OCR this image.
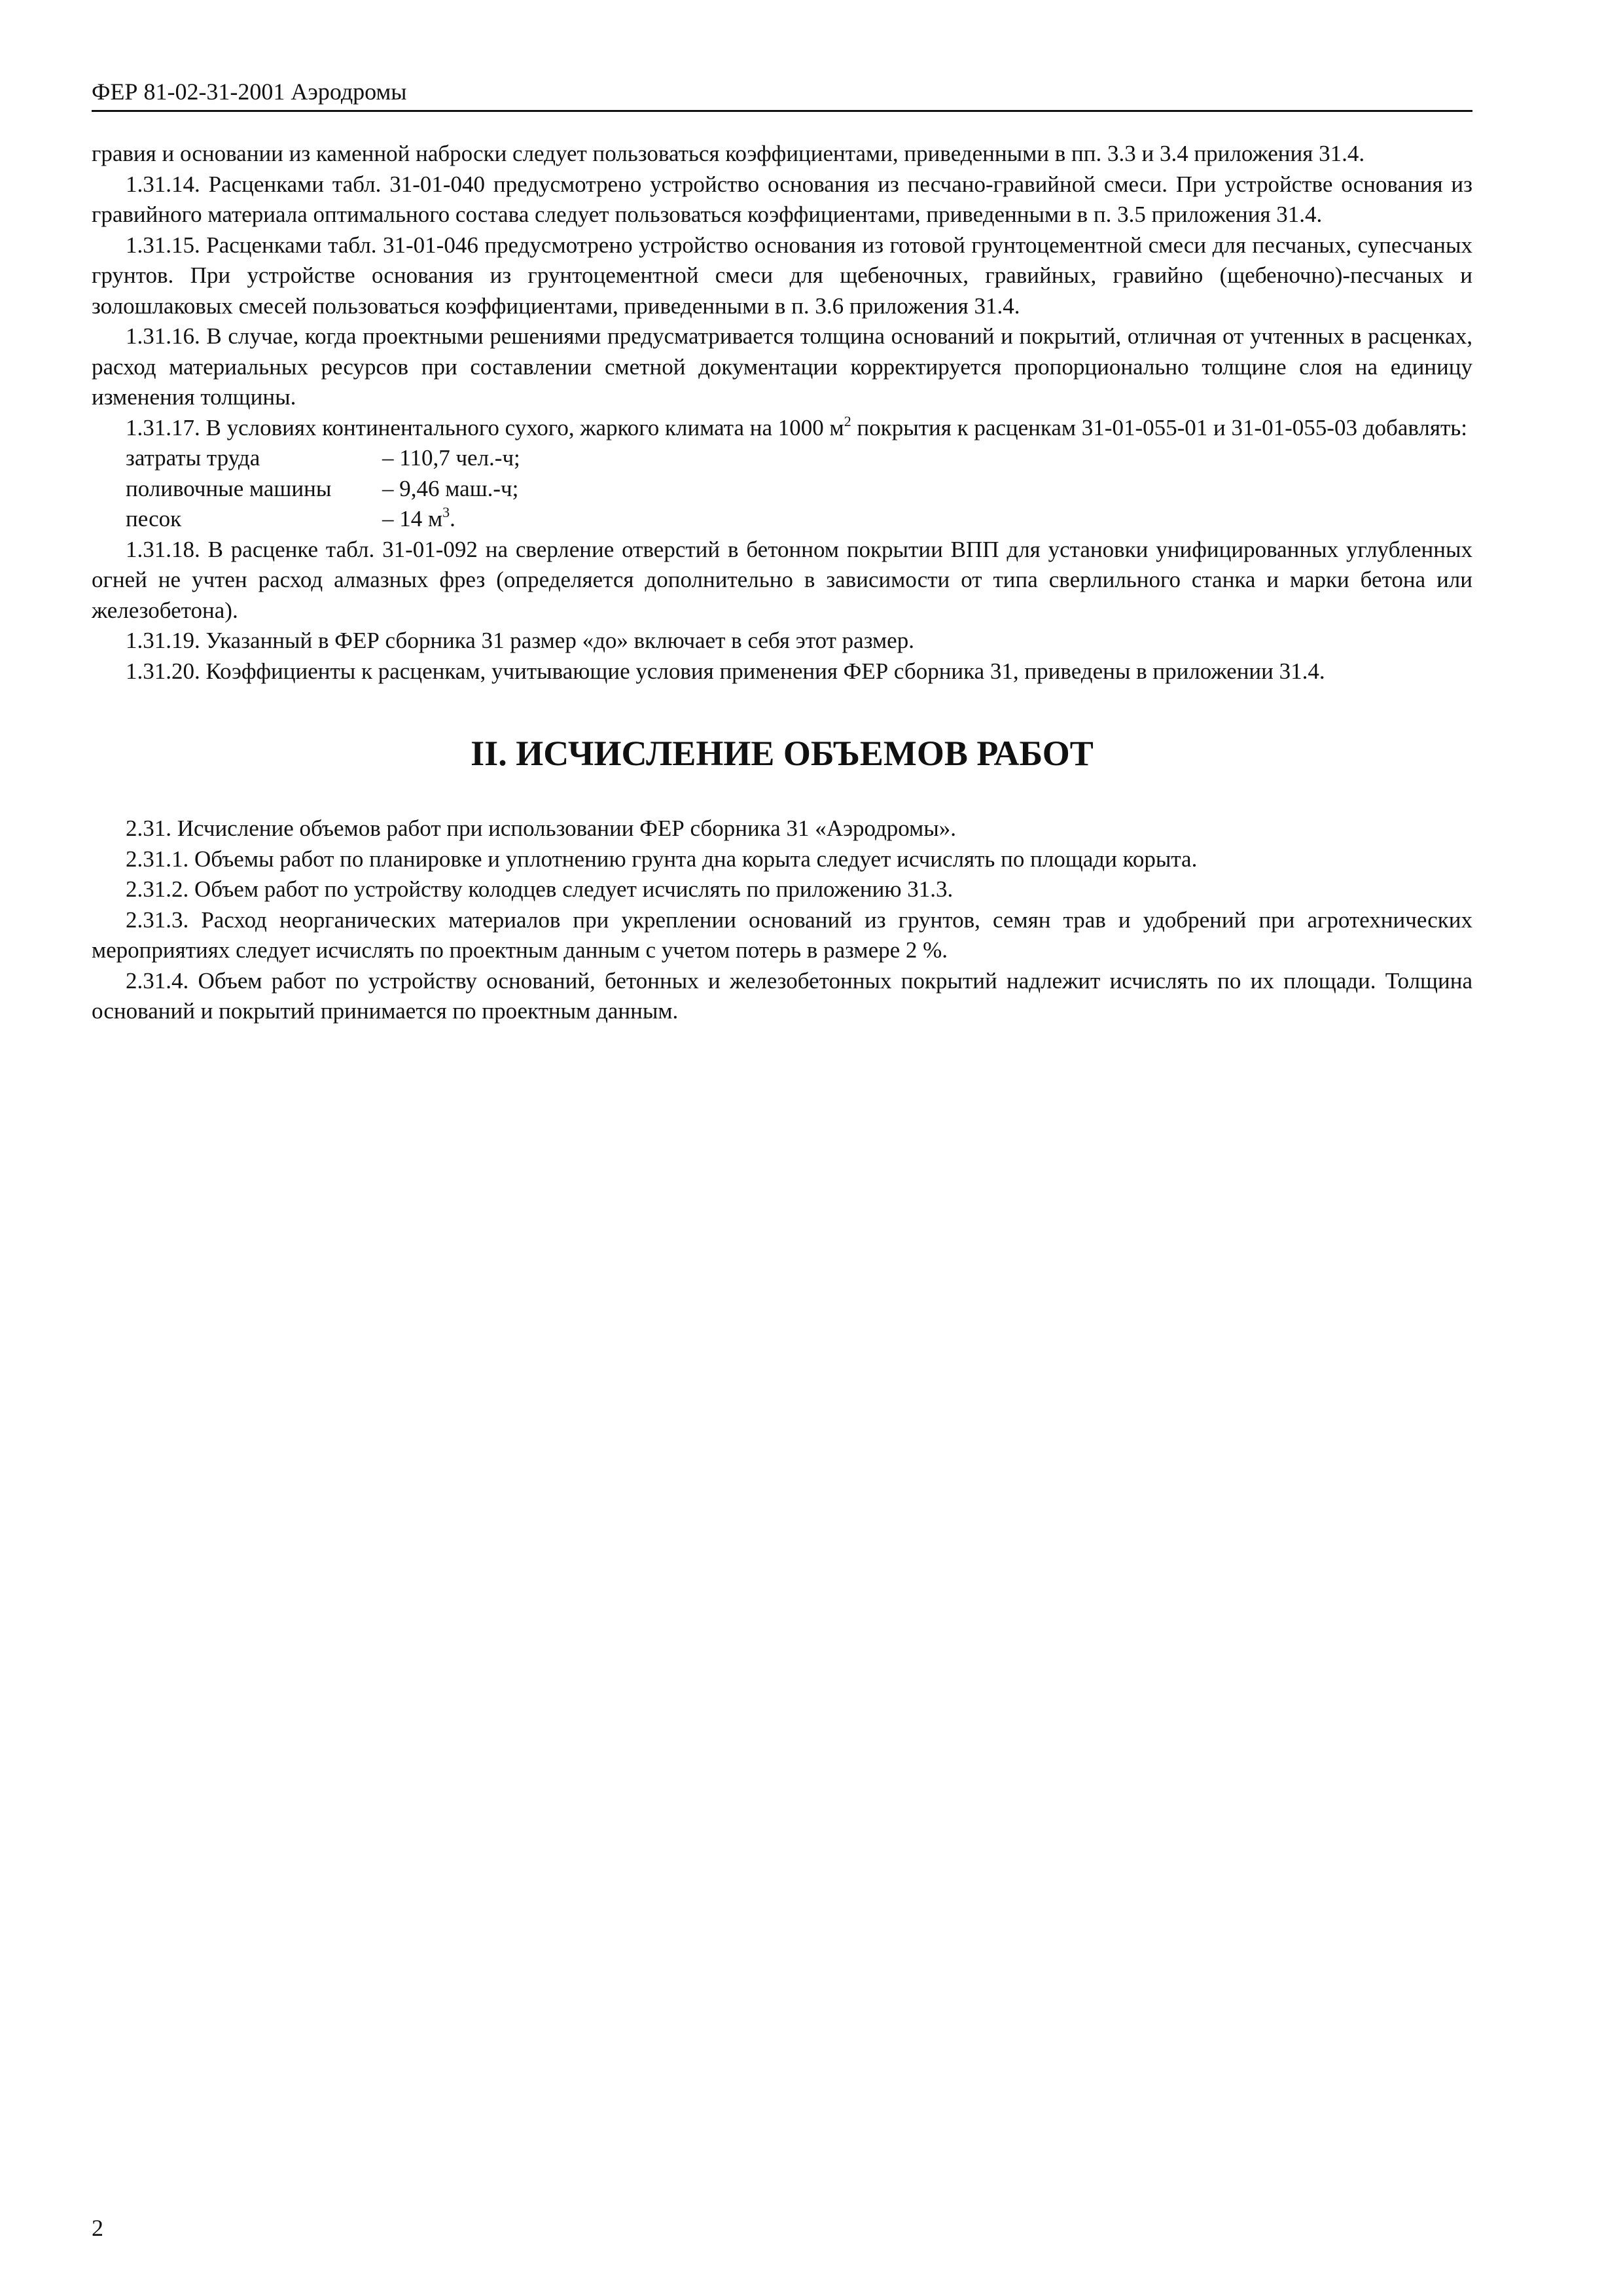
ФЕР 81-02-31-2001 Аэродромы

гравия и основании из каменной наброски следует пользоваться коэффициентами, приведенными в пп. 3.3 и 3.4 приложения 31.4.

1.31.14. Расценками табл. 31-01-040 предусмотрено устройство основания из песчано-гравийной смеси. При устройстве основания из гравийного материала оптимального состава следует пользоваться коэффициентами, приведенными в п. 3.5 приложения 31.4.

1.31.15. Расценками табл. 31-01-046 предусмотрено устройство основания из готовой грунтоцементной смеси для песчаных, супесчаных грунтов. При устройстве основания из грунтоцементной смеси для щебеночных, гравийных, гравийно (щебеночно)-песчаных и золошлаковых смесей пользоваться коэффициентами, приведенными в п. 3.6 приложения 31.4.

1.31.16. В случае, когда проектными решениями предусматривается толщина оснований и покрытий, отличная от учтенных в расценках, расход материальных ресурсов при составлении сметной документации корректируется пропорционально толщине слоя на единицу изменения толщины.

1.31.17. В условиях континентального сухого, жаркого климата на 1000 $м^2$ покрытия к расценкам 31-01-055-01 и 31-01-055-03 добавлять:

затраты труда	– 110,7 чел.-ч;
поливочные машины	– 9,46 маш.-ч;
песок	– 14 $м^3$.

1.31.18. В расценке табл. 31-01-092 на сверление отверстий в бетонном покрытии ВПП для установки унифицированных углубленных огней не учтен расход алмазных фрез (определяется дополнительно в зависимости от типа сверлильного станка и марки бетона или железобетона).

1.31.19. Указанный в ФЕР сборника 31 размер «до» включает в себя этот размер.

1.31.20. Коэффициенты к расценкам, учитывающие условия применения ФЕР сборника 31, приведены в приложении 31.4.

II. ИСЧИСЛЕНИЕ ОБЪЕМОВ РАБОТ

2.31. Исчисление объемов работ при использовании ФЕР сборника 31 «Аэродромы».

2.31.1. Объемы работ по планировке и уплотнению грунта дна корыта следует исчислять по площади корыта.

2.31.2. Объем работ по устройству колодцев следует исчислять по приложению 31.3.

2.31.3. Расход неорганических материалов при укреплении оснований из грунтов, семян трав и удобрений при агротехнических мероприятиях следует исчислять по проектным данным с учетом потерь в размере 2 %.

2.31.4. Объем работ по устройству оснований, бетонных и железобетонных покрытий надлежит исчислять по их площади. Толщина оснований и покрытий принимается по проектным данным.

2
